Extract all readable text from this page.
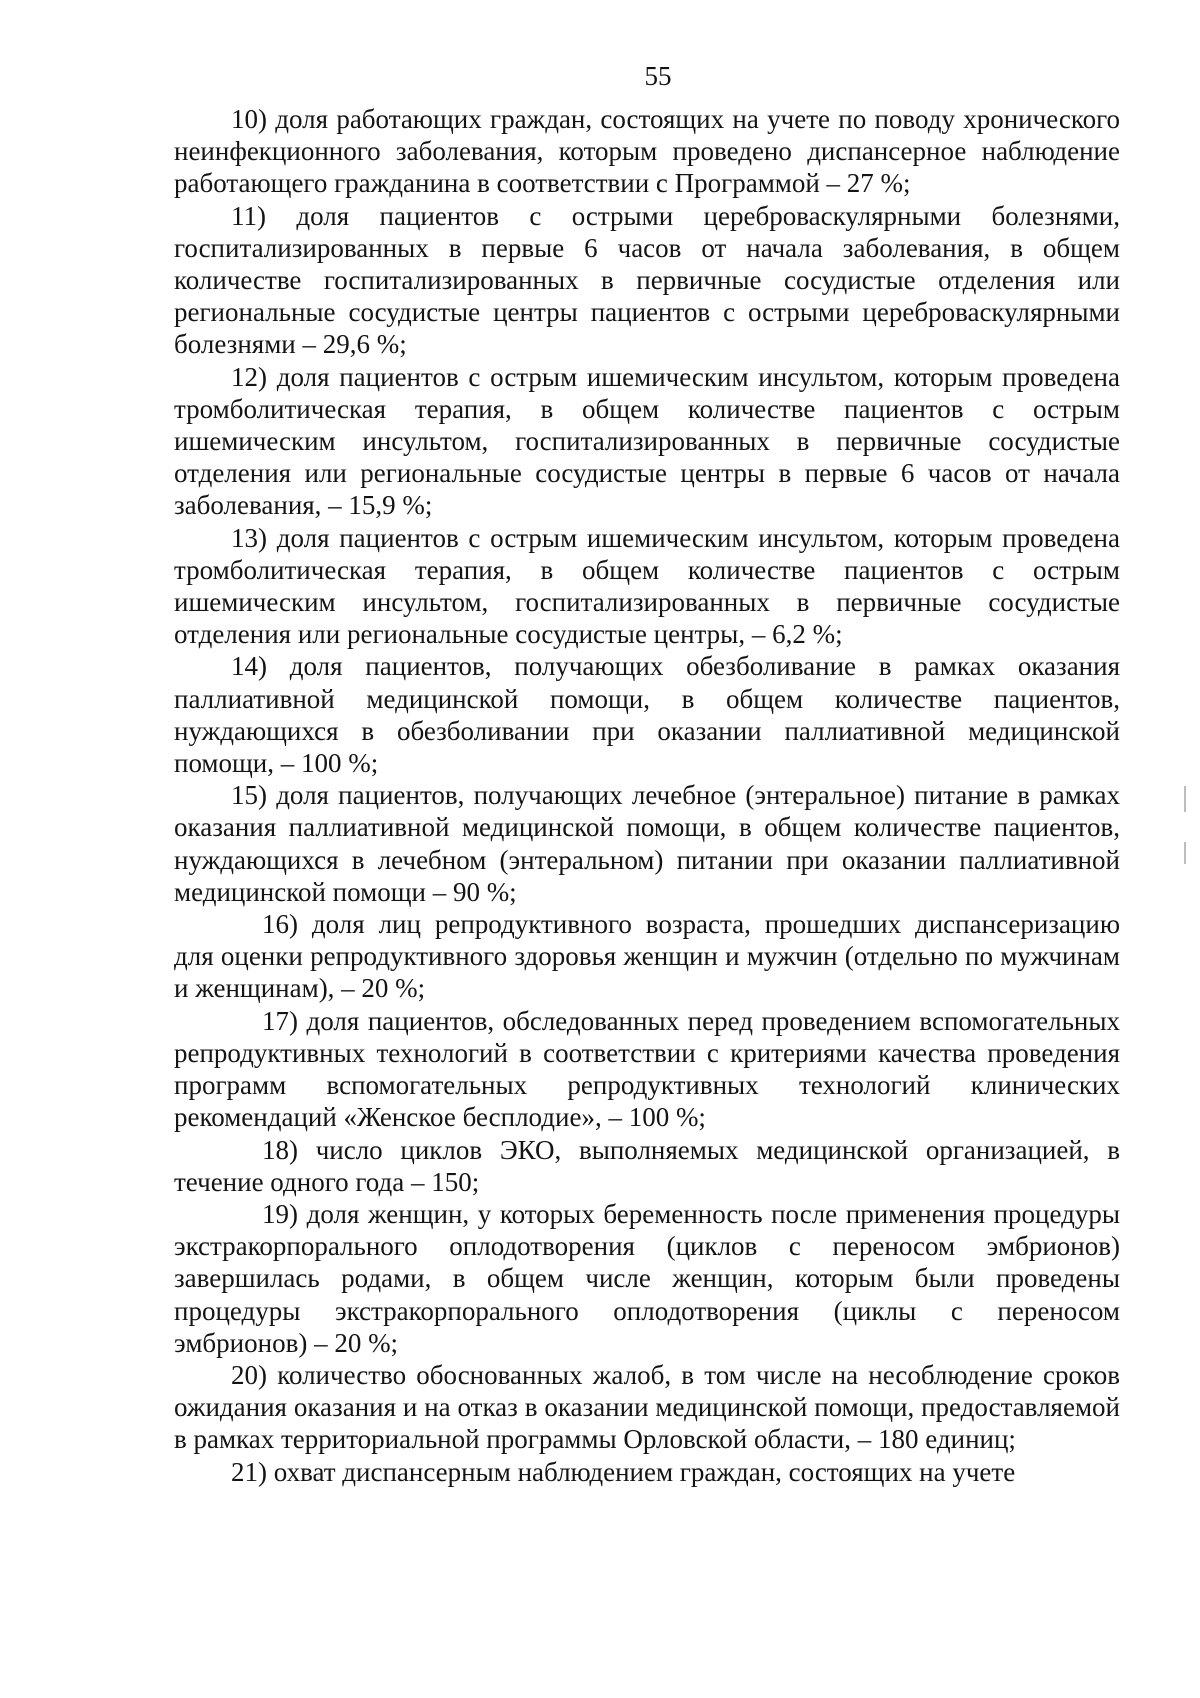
55

10) доля работающих граждан, состоящих на учете по поводу хронического неинфекционного заболевания, которым проведено диспансерное наблюдение работающего гражданина в соответствии с Программой – 27 %;

11) доля пациентов с острыми цереброваскулярными болезнями, госпитализированных в первые 6 часов от начала заболевания, в общем количестве госпитализированных в первичные сосудистые отделения или региональные сосудистые центры пациентов с острыми цереброваскулярными болезнями – 29,6 %;

12) доля пациентов с острым ишемическим инсультом, которым проведена тромболитическая терапия, в общем количестве пациентов с острым ишемическим инсультом, госпитализированных в первичные сосудистые отделения или региональные сосудистые центры в первые 6 часов от начала заболевания, – 15,9 %;

13) доля пациентов с острым ишемическим инсультом, которым проведена тромболитическая терапия, в общем количестве пациентов с острым ишемическим инсультом, госпитализированных в первичные сосудистые отделения или региональные сосудистые центры, – 6,2 %;

14) доля пациентов, получающих обезболивание в рамках оказания паллиативной медицинской помощи, в общем количестве пациентов, нуждающихся в обезболивании при оказании паллиативной медицинской помощи, – 100 %;

15) доля пациентов, получающих лечебное (энтеральное) питание в рамках оказания паллиативной медицинской помощи, в общем количестве пациентов, нуждающихся в лечебном (энтеральном) питании при оказании паллиативной медицинской помощи – 90 %;

16) доля лиц репродуктивного возраста, прошедших диспансеризацию для оценки репродуктивного здоровья женщин и мужчин (отдельно по мужчинам и женщинам), – 20 %;

17) доля пациентов, обследованных перед проведением вспомогательных репродуктивных технологий в соответствии с критериями качества проведения программ вспомогательных репродуктивных технологий клинических рекомендаций «Женское бесплодие», – 100 %;

18) число циклов ЭКО, выполняемых медицинской организацией, в течение одного года – 150;

19) доля женщин, у которых беременность после применения процедуры экстракорпорального оплодотворения (циклов с переносом эмбрионов) завершилась родами, в общем числе женщин, которым были проведены процедуры экстракорпорального оплодотворения (циклы с переносом эмбрионов) – 20 %;

20) количество обоснованных жалоб, в том числе на несоблюдение сроков ожидания оказания и на отказ в оказании медицинской помощи, предоставляемой в рамках территориальной программы Орловской области, – 180 единиц;

21) охват диспансерным наблюдением граждан, состоящих на учете
